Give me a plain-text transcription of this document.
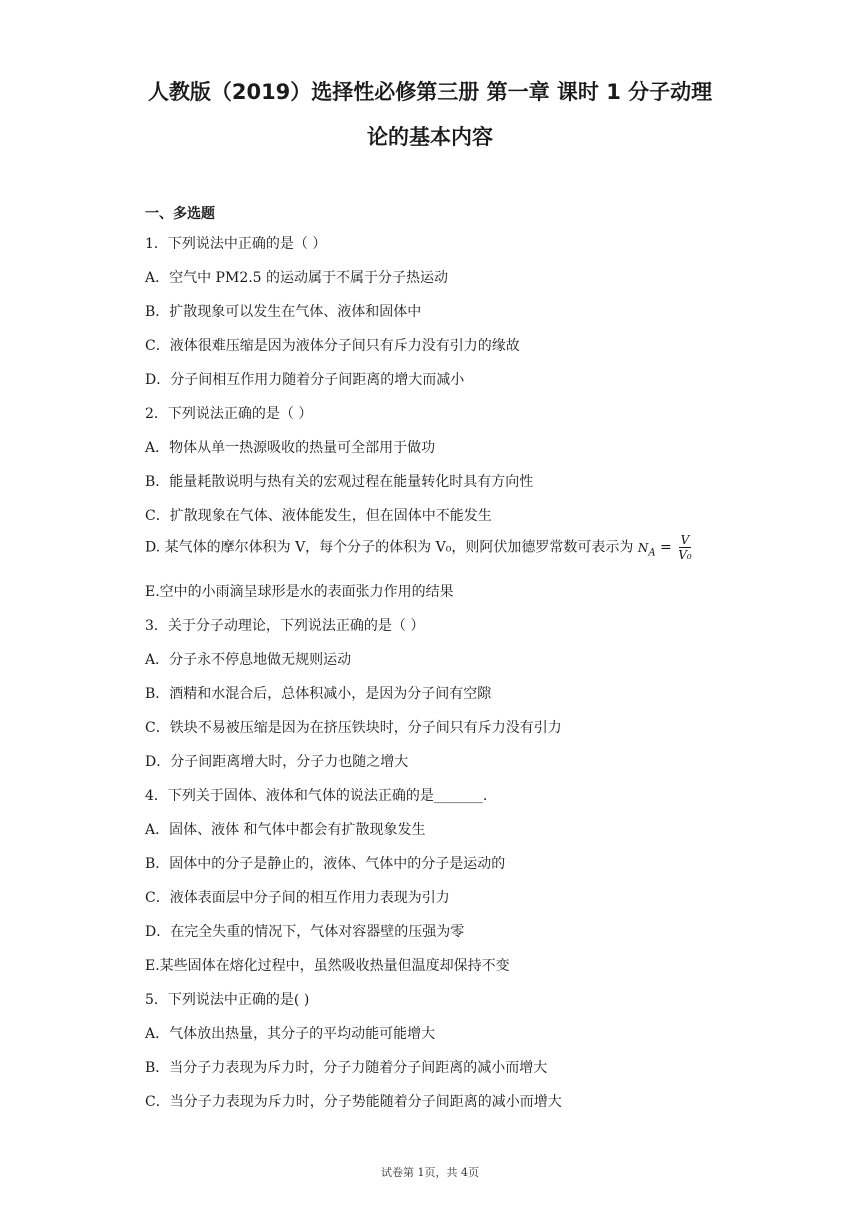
人教版（2019）选择性必修第三册 第一章 课时 1 分子动理
论的基本内容
一、多选题
1．下列说法中正确的是（ ）
A．空气中 PM2.5 的运动属于不属于分子热运动
B．扩散现象可以发生在气体、液体和固体中
C．液体很难压缩是因为液体分子间只有斥力没有引力的缘故
D．分子间相互作用力随着分子间距离的增大而减小
2．下列说法正确的是（ ）
A．物体从单一热源吸收的热量可全部用于做功
B．能量耗散说明与热有关的宏观过程在能量转化时具有方向性
C．扩散现象在气体、液体能发生，但在固体中不能发生
D. 某气体的摩尔体积为 V，每个分子的体积为 V₀，则阿伏加德罗常数可表示为 $N_A = \frac{V}{\text{V₀}}$
E.空中的小雨滴呈球形是水的表面张力作用的结果
3．关于分子动理论，下列说法正确的是（ ）
A．分子永不停息地做无规则运动
B．酒精和水混合后，总体积减小，是因为分子间有空隙
C．铁块不易被压缩是因为在挤压铁块时，分子间只有斥力没有引力
D．分子间距离增大时，分子力也随之增大
4．下列关于固体、液体和气体的说法正确的是_______.
A．固体、液体 和气体中都会有扩散现象发生
B．固体中的分子是静止的，液体、气体中的分子是运动的
C．液体表面层中分子间的相互作用力表现为引力
D．在完全失重的情况下，气体对容器壁的压强为零
E.某些固体在熔化过程中，虽然吸收热量但温度却保持不变
5．下列说法中正确的是( )
A．气体放出热量，其分子的平均动能可能增大
B．当分子力表现为斥力时，分子力随着分子间距离的减小而增大
C．当分子力表现为斥力时，分子势能随着分子间距离的减小而增大
试卷第 1页，共 4页
